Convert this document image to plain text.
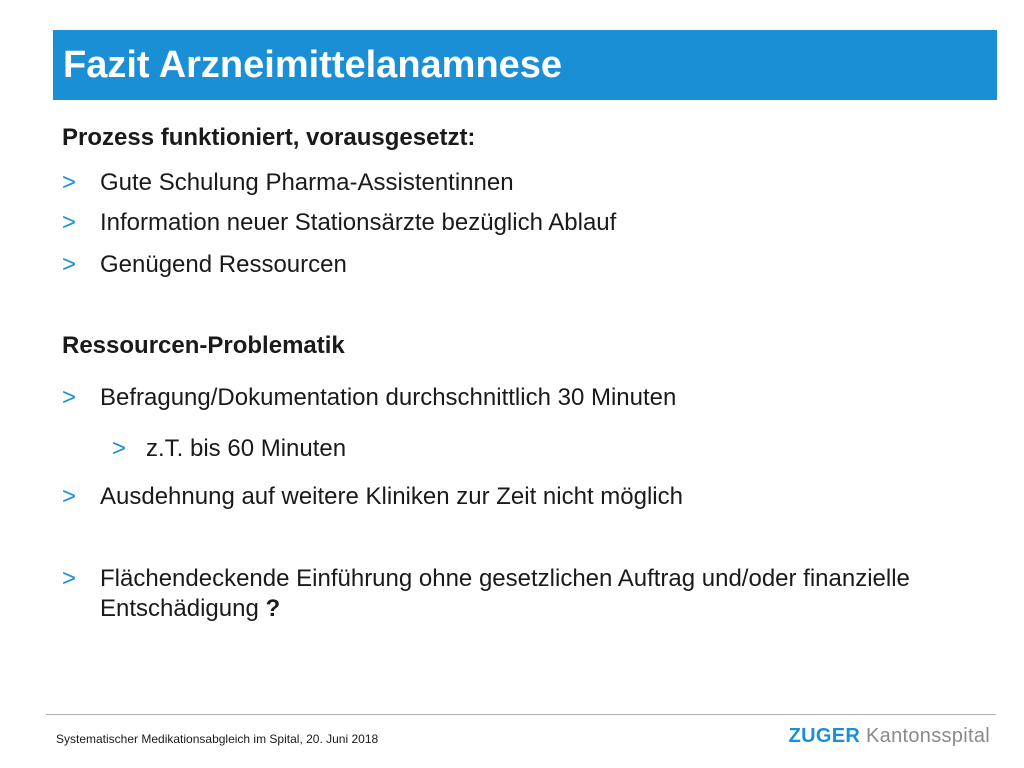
Fazit Arzneimittelanamnese
Prozess funktioniert, vorausgesetzt:
> Gute Schulung Pharma-Assistentinnen
> Information neuer Stationsärzte bezüglich Ablauf
> Genügend Ressourcen
Ressourcen-Problematik
> Befragung/Dokumentation durchschnittlich 30 Minuten
> z.T. bis 60 Minuten
> Ausdehnung auf weitere Kliniken zur Zeit nicht möglich
> Flächendeckende Einführung ohne gesetzlichen Auftrag und/oder finanzielle Entschädigung ?
Systematischer Medikationsabgleich im Spital, 20. Juni 2018	ZUGER Kantonsspital
